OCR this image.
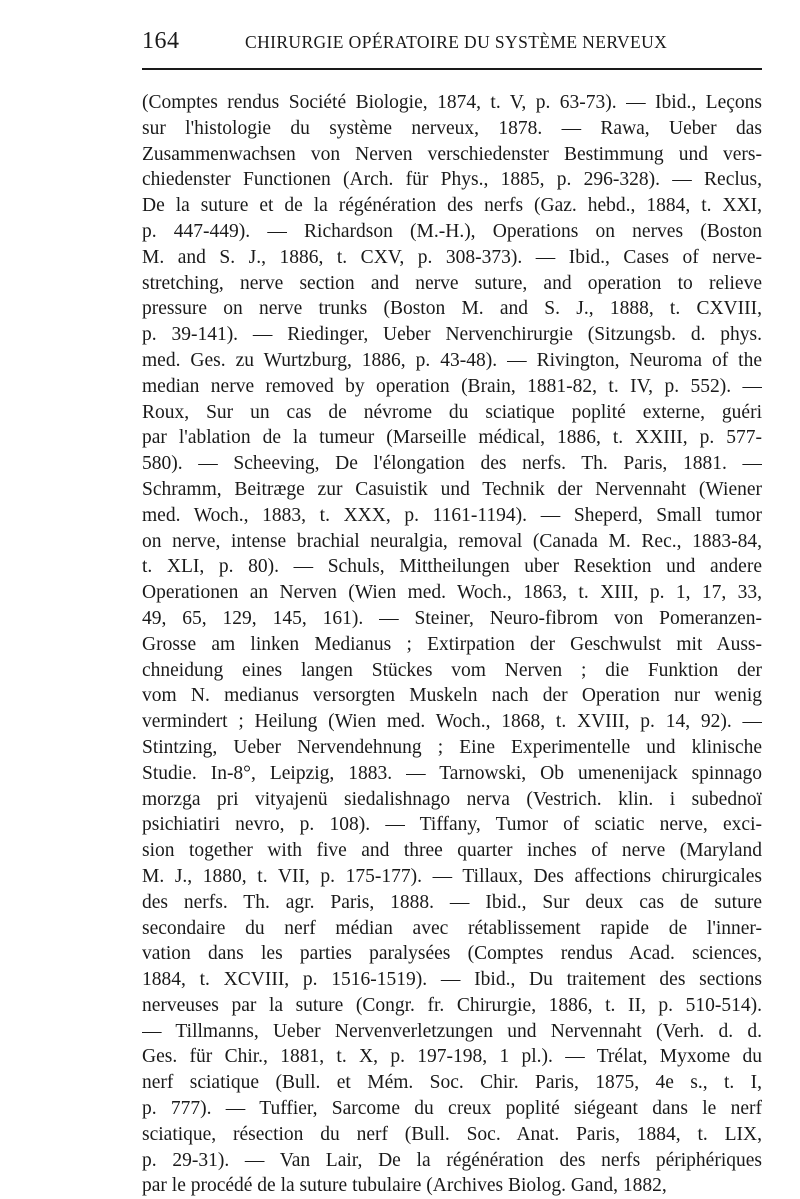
164	CHIRURGIE OPÉRATOIRE DU SYSTÈME NERVEUX
(Comptes rendus Société Biologie, 1874, t. V, p. 63-73). — Ibid., Leçons
sur l'histologie du système nerveux, 1878. — Rawa, Ueber das
Zusammenwachsen von Nerven verschiedenster Bestimmung und vers-
chiedenster Functionen (Arch. für Phys., 1885, p. 296-328). — Reclus,
De la suture et de la régénération des nerfs (Gaz. hebd., 1884, t. XXI,
p. 447-449). — Richardson (M.-H.), Operations on nerves (Boston
M. and S. J., 1886, t. CXV, p. 308-373). — Ibid., Cases of nerve-
stretching, nerve section and nerve suture, and operation to relieve
pressure on nerve trunks (Boston M. and S. J., 1888, t. CXVIII,
p. 39-141). — Riedinger, Ueber Nervenchirurgie (Sitzungsb. d. phys.
med. Ges. zu Wurtzburg, 1886, p. 43-48). — Rivington, Neuroma of the
median nerve removed by operation (Brain, 1881-82, t. IV, p. 552). —
Roux, Sur un cas de névrome du sciatique poplité externe, guéri
par l'ablation de la tumeur (Marseille médical, 1886, t. XXIII, p. 577-
580). — Scheeving, De l'élongation des nerfs. Th. Paris, 1881. —
Schramm, Beitræge zur Casuistik und Technik der Nervennaht (Wiener
med. Woch., 1883, t. XXX, p. 1161-1194). — Sheperd, Small tumor
on nerve, intense brachial neuralgia, removal (Canada M. Rec., 1883-84,
t. XLI, p. 80). — Schuls, Mittheilungen uber Resektion und andere
Operationen an Nerven (Wien med. Woch., 1863, t. XIII, p. 1, 17, 33,
49, 65, 129, 145, 161). — Steiner, Neuro-fibrom von Pomeranzen-
Grosse am linken Medianus ; Extirpation der Geschwulst mit Auss-
chneidung eines langen Stückes vom Nerven ; die Funktion der
vom N. medianus versorgten Muskeln nach der Operation nur wenig
vermindert ; Heilung (Wien med. Woch., 1868, t. XVIII, p. 14, 92). —
Stintzing, Ueber Nervendehnung ; Eine Experimentelle und klinische
Studie. In-8°, Leipzig, 1883. — Tarnowski, Ob umenenijack spinnago
morzga pri vityajenü siedalishnago nerva (Vestrich. klin. i subednoï
psichiatiri nevro, p. 108). — Tiffany, Tumor of sciatic nerve, exci-
sion together with five and three quarter inches of nerve (Maryland
M. J., 1880, t. VII, p. 175-177). — Tillaux, Des affections chirurgicales
des nerfs. Th. agr. Paris, 1888. — Ibid., Sur deux cas de suture
secondaire du nerf médian avec rétablissement rapide de l'inner-
vation dans les parties paralysées (Comptes rendus Acad. sciences,
1884, t. XCVIII, p. 1516-1519). — Ibid., Du traitement des sections
nerveuses par la suture (Congr. fr. Chirurgie, 1886, t. II, p. 510-514).
— Tillmanns, Ueber Nervenverletzungen und Nervennaht (Verh. d. d.
Ges. für Chir., 1881, t. X, p. 197-198, 1 pl.). — Trélat, Myxome du
nerf sciatique (Bull. et Mém. Soc. Chir. Paris, 1875, 4e s., t. I,
p. 777). — Tuffier, Sarcome du creux poplité siégeant dans le nerf
sciatique, résection du nerf (Bull. Soc. Anat. Paris, 1884, t. LIX,
p. 29-31). — Van Lair, De la régénération des nerfs périphériques
par le procédé de la suture tubulaire (Archives Biolog. Gand, 1882,
